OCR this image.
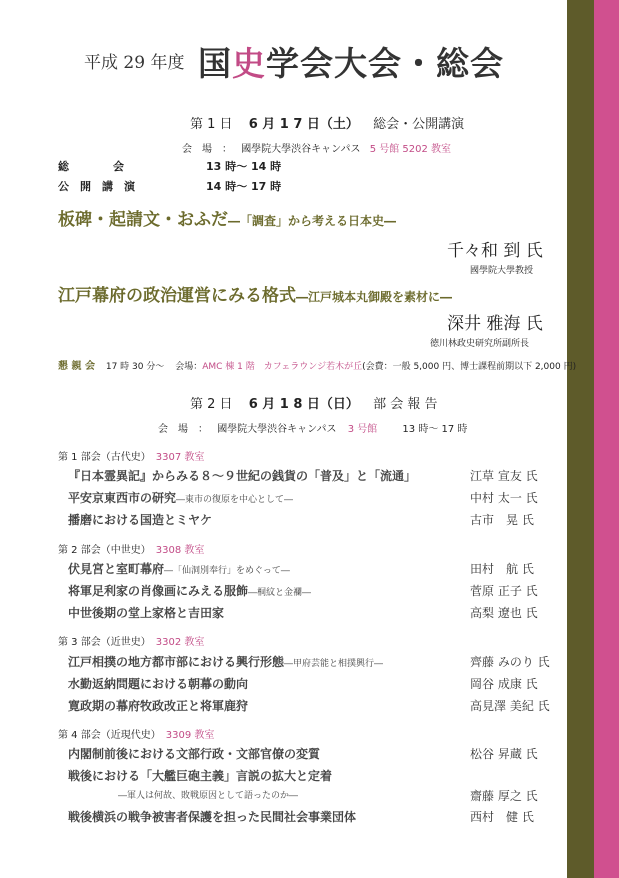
平成 29 年度 国史学会大会・総会
第 1 日 6 月 1 7 日（土） 総会・公開講演
会　場　： 國學院大學渋谷キャンパス 5 号館 5202 教室
総　　　　会	13 時〜 14 時
公　開　講　演	14 時〜 17 時
板碑・起請文・おふだ―「調査」から考える日本史―
千々和 到 氏
國學院大學教授
江戸幕府の政治運営にみる格式―江戸城本丸御殿を素材に―
深井 雅海 氏
徳川林政史研究所副所長
懇 親 会 17 時 30 分〜 会場：AMC 棟 1 階　カフェラウンジ若木が丘(会費：一般 5,000 円、博士課程前期以下 2,000 円)
第 2 日 6 月 1 8 日（日） 部 会 報 告
会　場　： 國學院大學渋谷キャンパス 3 号館	13 時〜 17 時
第 1 部会（古代史）　 3307 教室
『日本霊異記』からみる８〜９世紀の銭貨の「普及」と「流通」	江草 宣友 氏
平安京東西市の研究―東市の復原を中心として―	中村 太一 氏
播磨における国造とミヤケ	古市　晃 氏
第 2 部会（中世史）　 3308 教室
伏見宮と室町幕府―「仙洞別奉行」をめぐって―	田村　航 氏
将軍足利家の肖像画にみえる服飾―桐紋と金襴―	菅原 正子 氏
中世後期の堂上家格と吉田家	高梨 遼也 氏
第 3 部会（近世史）　 3302 教室
江戸相撲の地方都市部における興行形態―甲府芸能と相撲興行―	齊藤 みのり 氏
水勤返納問題における朝幕の動向	岡谷 成康 氏
寛政期の幕府牧政改正と将軍鹿狩	高見澤 美紀 氏
第 4 部会（近現代史）　 3309 教室
内閣制前後における文部行政・文部官僚の変質	松谷 昇蔵 氏
戦後における「大艦巨砲主義」言説の拡大と定着
―軍人は何故、敗戦原因として語ったのか―	齋藤 厚之 氏
戦後横浜の戦争被害者保護を担った民間社会事業団体	西村　健 氏
